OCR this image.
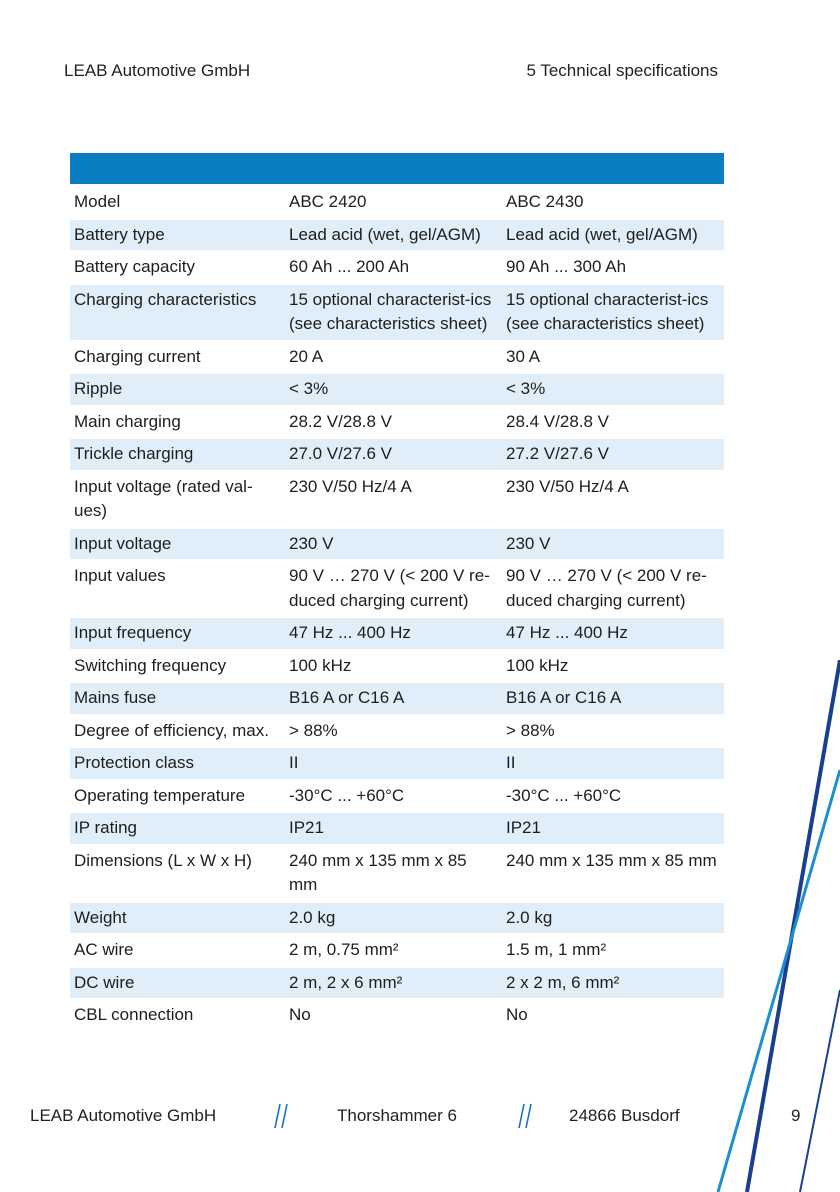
LEAB Automotive GmbH	5 Technical specifications

Model	ABC 2420	ABC 2430
Battery type	Lead acid (wet, gel/AGM)	Lead acid (wet, gel/AGM)
Battery capacity	60 Ah ... 200 Ah	90 Ah ... 300 Ah
Charging characteristics	15 optional characterist-ics (see characteristics sheet)	15 optional characterist-ics (see characteristics sheet)
Charging current	20 A	30 A
Ripple	< 3%	< 3%
Main charging	28.2 V/28.8 V	28.4 V/28.8 V
Trickle charging	27.0 V/27.6 V	27.2 V/27.6 V
Input voltage (rated val-ues)	230 V/50 Hz/4 A	230 V/50 Hz/4 A
Input voltage	230 V	230 V
Input values	90 V … 270 V (< 200 V re-duced charging current)	90 V … 270 V (< 200 V re-duced charging current)
Input frequency	47 Hz ... 400 Hz	47 Hz ... 400 Hz
Switching frequency	100 kHz	100 kHz
Mains fuse	B16 A or C16 A	B16 A or C16 A
Degree of efficiency, max.	> 88%	> 88%
Protection class	II	II
Operating temperature	-30°C ... +60°C	-30°C ... +60°C
IP rating	IP21	IP21
Dimensions (L x W x H)	240 mm x 135 mm x 85 mm	240 mm x 135 mm x 85 mm
Weight	2.0 kg	2.0 kg
AC wire	2 m, 0.75 mm²	1.5 m, 1 mm²
DC wire	2 m, 2 x 6 mm²	2 x 2 m, 6 mm²
CBL connection	No	No
LEAB Automotive GmbH	Thorshammer 6	24866 Busdorf	9
